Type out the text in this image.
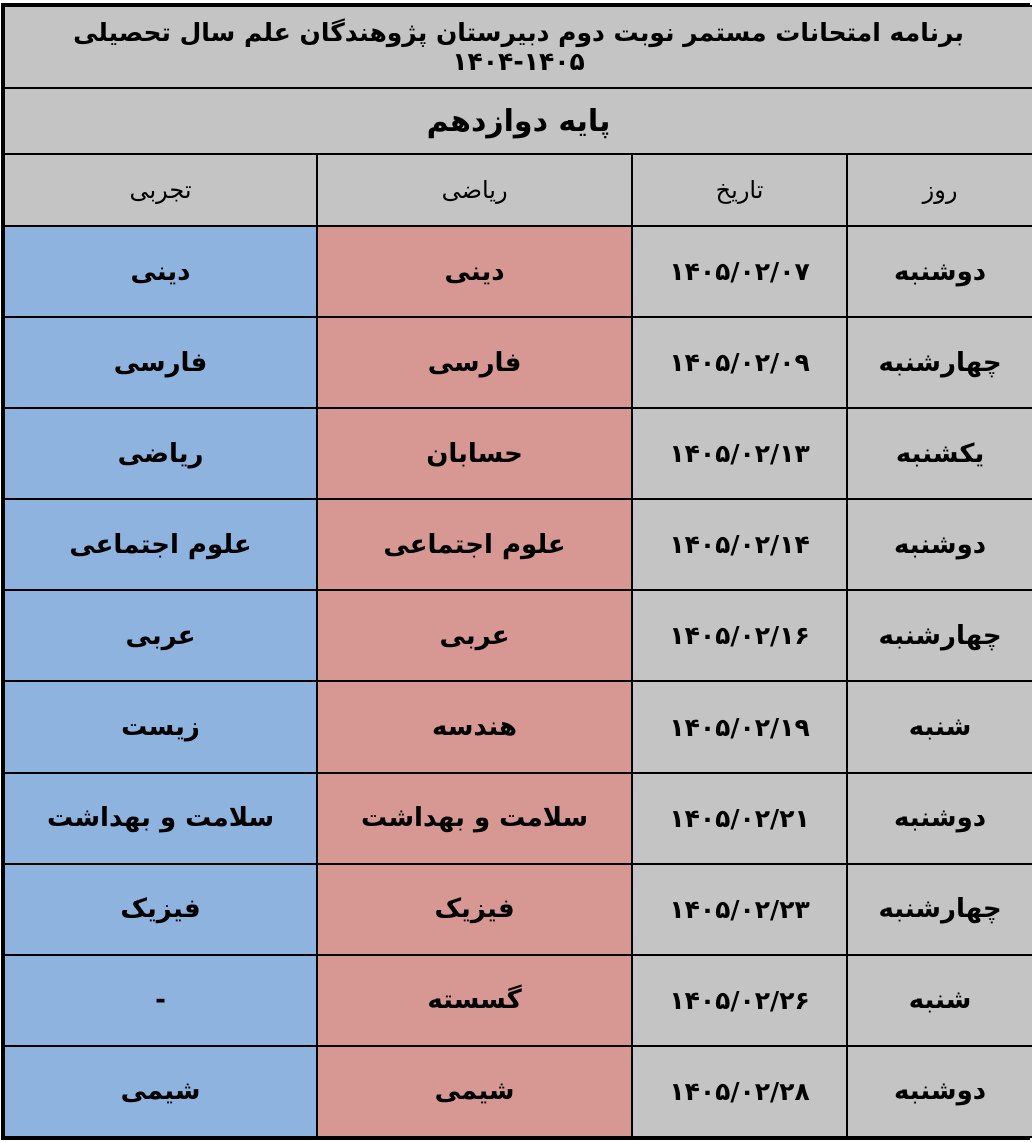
برنامه امتحانات مستمر نوبت دوم دبیرستان پژوهندگان علم سال تحصیلی ۱۴۰۵-۱۴۰۴			
پایه دوازدهم			
روز	تاریخ	ریاضی	تجربی
دوشنبه	۱۴۰۵/۰۲/۰۷	دینی	دینی
چهارشنبه	۱۴۰۵/۰۲/۰۹	فارسی	فارسی
یکشنبه	۱۴۰۵/۰۲/۱۳	حسابان	ریاضی
دوشنبه	۱۴۰۵/۰۲/۱۴	علوم اجتماعی	علوم اجتماعی
چهارشنبه	۱۴۰۵/۰۲/۱۶	عربی	عربی
شنبه	۱۴۰۵/۰۲/۱۹	هندسه	زیست
دوشنبه	۱۴۰۵/۰۲/۲۱	سلامت و بهداشت	سلامت و بهداشت
چهارشنبه	۱۴۰۵/۰۲/۲۳	فیزیک	فیزیک
شنبه	۱۴۰۵/۰۲/۲۶	گسسته	-
دوشنبه	۱۴۰۵/۰۲/۲۸	شیمی	شیمی
